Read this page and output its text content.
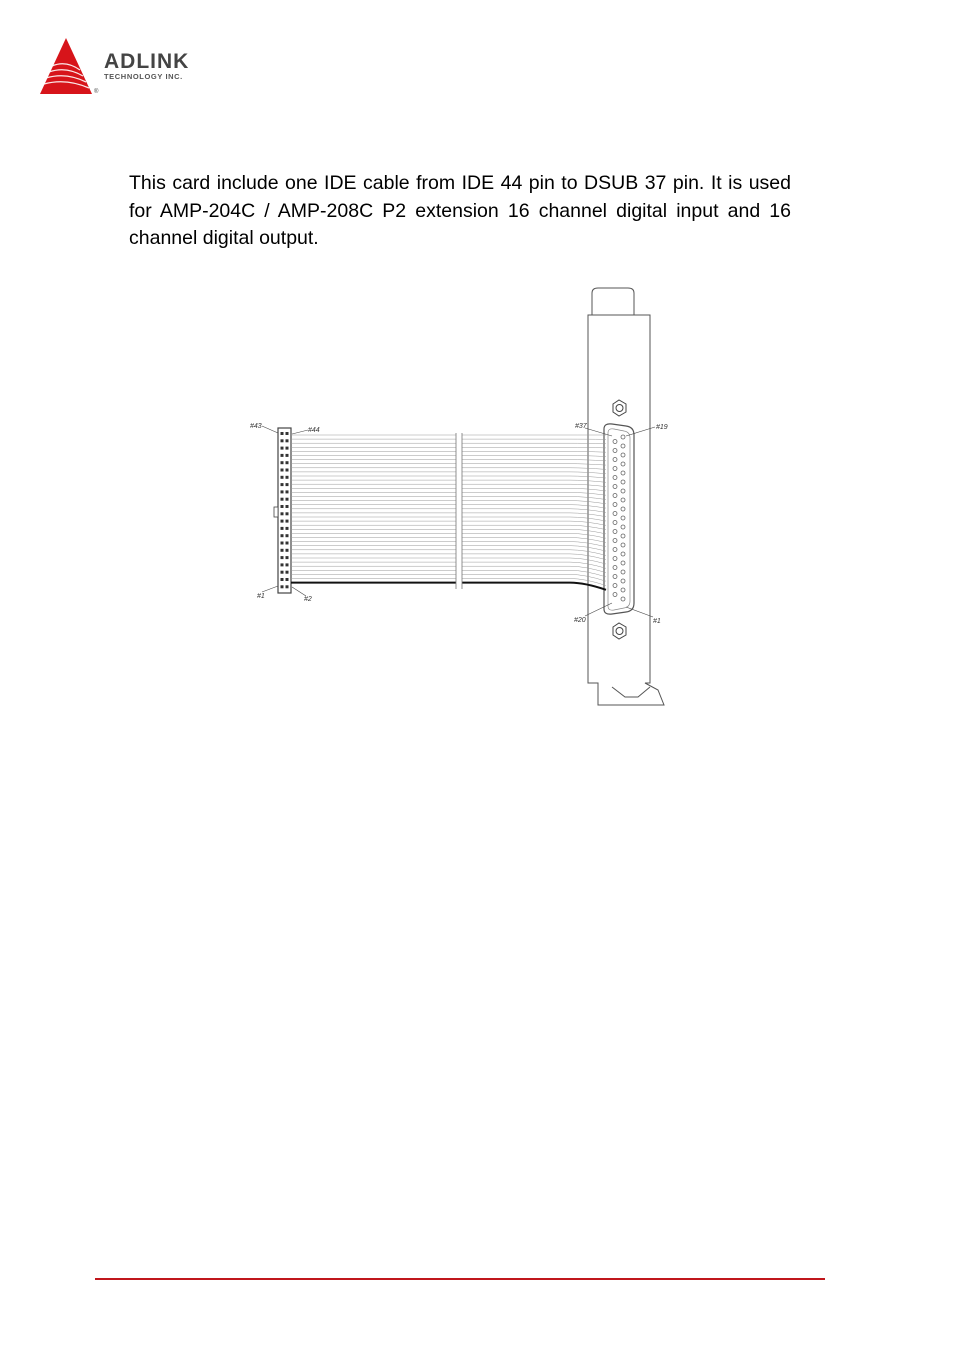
ADLINK
TECHNOLOGY INC.
®

This card include one IDE cable from IDE 44 pin to DSUB 37 pin. It is used for AMP-204C / AMP-208C P2 extension 16 channel digital input and 16 channel digital output.

#43
#44
#1	#2
#37	#19
#20	#1
